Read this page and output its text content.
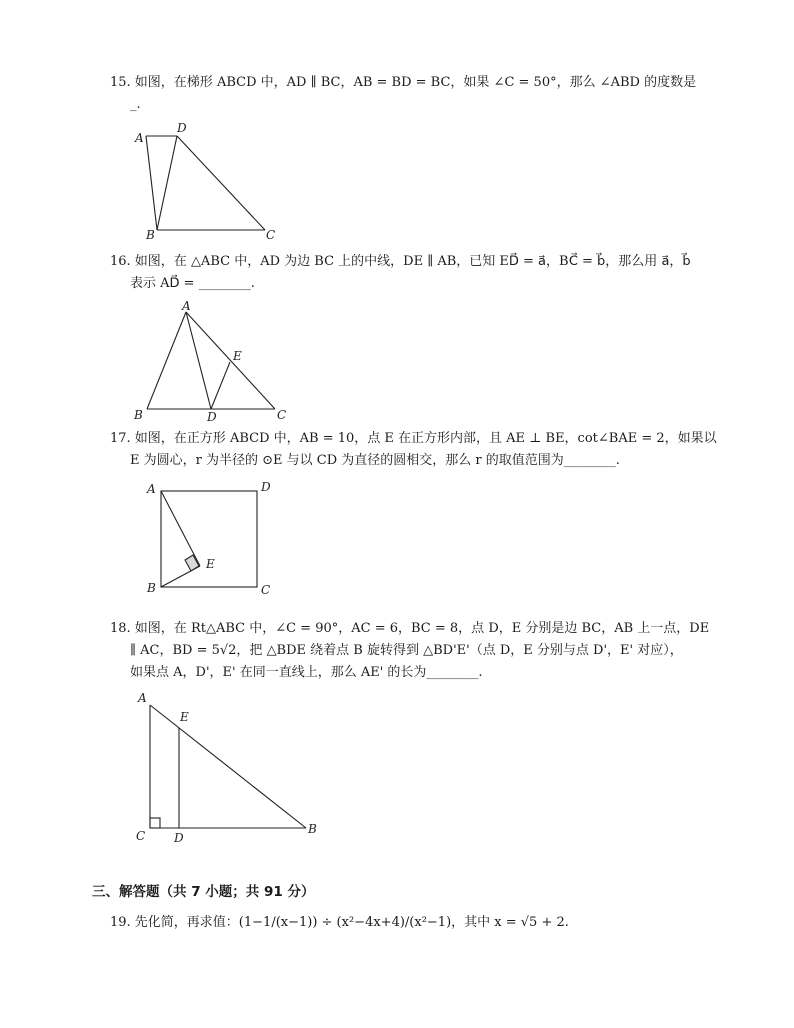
15. 如图，在梯形 ABCD 中，AD ∥ BC，AB = BD = BC，如果 ∠C = 50°，那么 ∠ABD 的度数是
_.
A
D
B	C
16. 如图，在 △ABC 中，AD 为边 BC 上的中线，DE ∥ AB，已知 ED⃗ = a⃗，BC⃗ = b⃗，那么用 a⃗，b⃗
表示 AD⃗ = ________.
A
E
B	D	C
17. 如图，在正方形 ABCD 中，AB = 10，点 E 在正方形内部，且 AE ⊥ BE，cot∠BAE = 2，如果以
E 为圆心，r 为半径的 ⊙E 与以 CD 为直径的圆相交，那么 r 的取值范围为________.
A	D
E
B	C
18. 如图，在 Rt△ABC 中，∠C = 90°，AC = 6，BC = 8，点 D，E 分别是边 BC，AB 上一点，DE
∥ AC，BD = 5√2，把 △BDE 绕着点 B 旋转得到 △BD'E'（点 D，E 分别与点 D'，E' 对应），
如果点 A，D'，E' 在同一直线上，那么 AE' 的长为________.
A
E
C D
B
三、解答题（共 7 小题；共 91 分）
19. 先化简，再求值：(1−1/(x−1)) ÷ (x²−4x+4)/(x²−1)，其中 x = √5 + 2.
